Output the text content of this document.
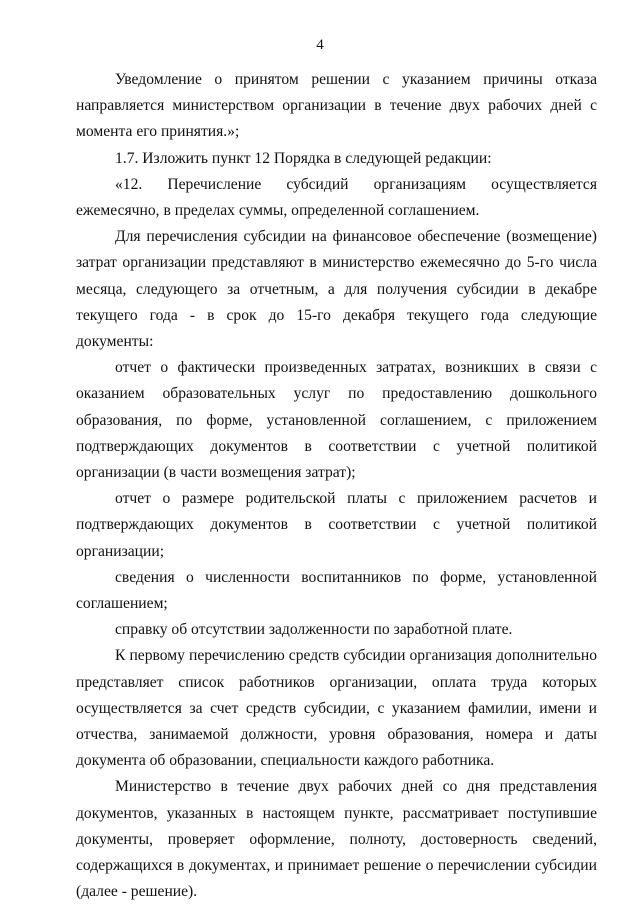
4

Уведомление о принятом решении с указанием причины отказа направляется министерством организации в течение двух рабочих дней с момента его принятия.»;

1.7. Изложить пункт 12 Порядка в следующей редакции:

«12. Перечисление субсидий организациям осуществляется ежемесячно, в пределах суммы, определенной соглашением.

Для перечисления субсидии на финансовое обеспечение (возмещение) затрат организации представляют в министерство ежемесячно до 5-го числа месяца, следующего за отчетным, а для получения субсидии в декабре текущего года - в срок до 15-го декабря текущего года следующие документы:

отчет о фактически произведенных затратах, возникших в связи с оказанием образовательных услуг по предоставлению дошкольного образования, по форме, установленной соглашением, с приложением подтверждающих документов в соответствии с учетной политикой организации (в части возмещения затрат);

отчет о размере родительской платы с приложением расчетов и подтверждающих документов в соответствии с учетной политикой организации;

сведения о численности воспитанников по форме, установленной соглашением;

справку об отсутствии задолженности по заработной плате.

К первому перечислению средств субсидии организация дополнительно представляет список работников организации, оплата труда которых осуществляется за счет средств субсидии, с указанием фамилии, имени и отчества, занимаемой должности, уровня образования, номера и даты документа об образовании, специальности каждого работника.

Министерство в течение двух рабочих дней со дня представления документов, указанных в настоящем пункте, рассматривает поступившие документы, проверяет оформление, полноту, достоверность сведений, содержащихся в документах, и принимает решение о перечислении субсидии (далее - решение).
